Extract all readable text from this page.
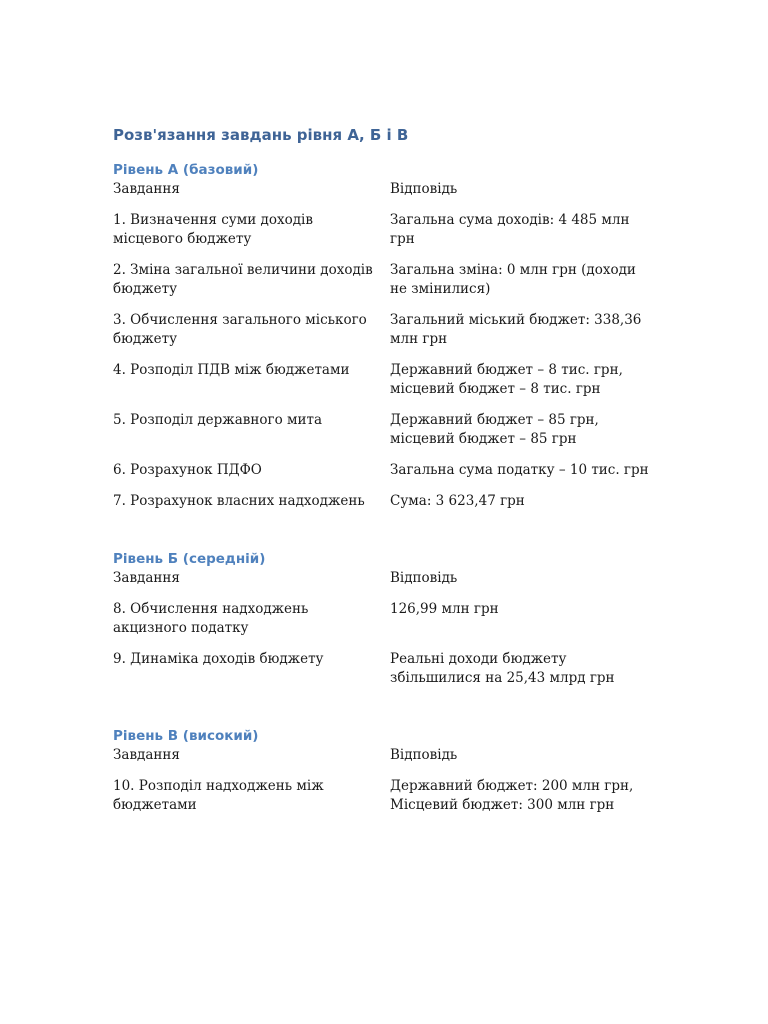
Розв'язання завдань рівня А, Б і В
Рівень А (базовий)
Завдання	Відповідь
1. Визначення суми доходів місцевого бюджету	Загальна сума доходів: 4 485 млн грн
2. Зміна загальної величини доходів бюджету	Загальна зміна: 0 млн грн (доходи не змінилися)
3. Обчислення загального міського бюджету	Загальний міський бюджет: 338,36 млн грн
4. Розподіл ПДВ між бюджетами	Державний бюджет – 8 тис. грн, місцевий бюджет – 8 тис. грн
5. Розподіл державного мита	Державний бюджет – 85 грн, місцевий бюджет – 85 грн
6. Розрахунок ПДФО	Загальна сума податку – 10 тис. грн
7. Розрахунок власних надходжень	Сума: 3 623,47 грн
Рівень Б (середній)
Завдання	Відповідь
8. Обчислення надходжень акцизного податку	126,99 млн грн
9. Динаміка доходів бюджету	Реальні доходи бюджету збільшилися на 25,43 млрд грн
Рівень В (високий)
Завдання	Відповідь
10. Розподіл надходжень між бюджетами	Державний бюджет: 200 млн грн, Місцевий бюджет: 300 млн грн
